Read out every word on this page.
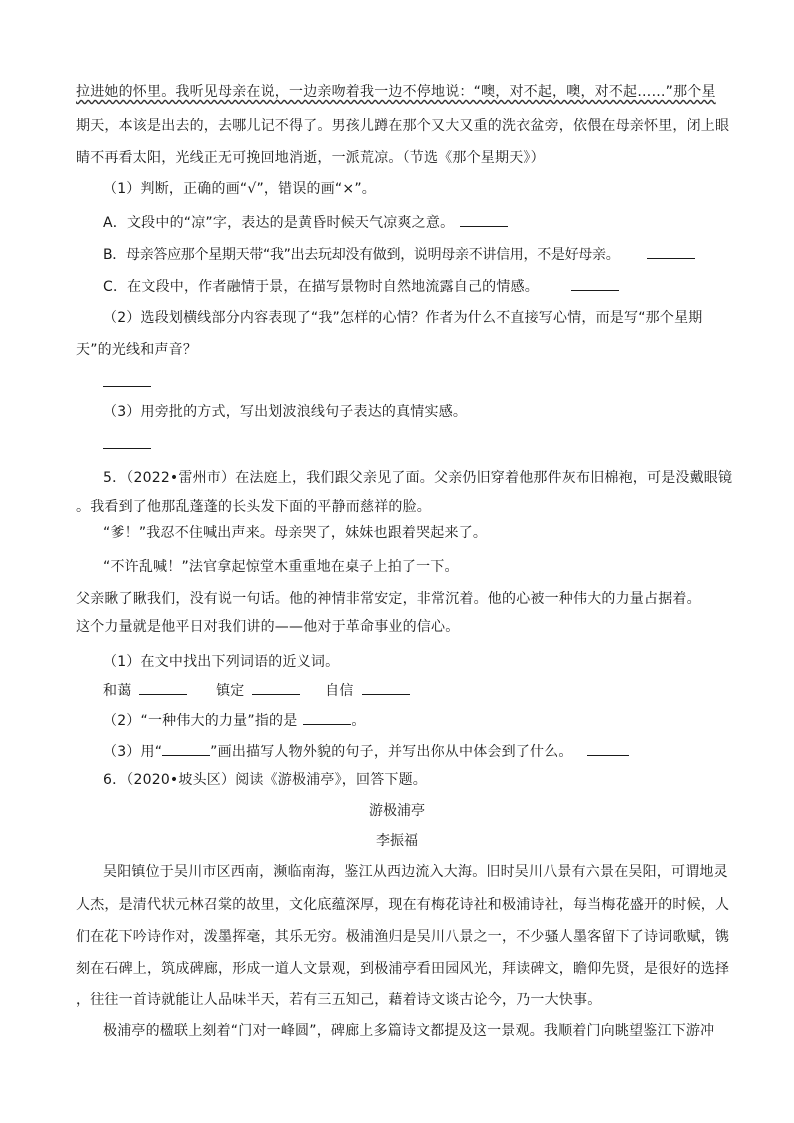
拉进她的怀里。我听见母亲在说，一边亲吻着我一边不停地说：“噢，对不起，噢，对不起……”那个星
期天，本该是出去的，去哪儿记不得了。男孩儿蹲在那个又大又重的洗衣盆旁，依偎在母亲怀里，闭上眼
睛不再看太阳，光线正无可挽回地消逝，一派荒凉。（节选《那个星期天》）
（1）判断，正确的画“√”，错误的画“×”。
A．文段中的“凉”字，表达的是黄昏时候天气凉爽之意。
B．母亲答应那个星期天带“我”出去玩却没有做到，说明母亲不讲信用，不是好母亲。
C．在文段中，作者融情于景，在描写景物时自然地流露自己的情感。
（2）选段划横线部分内容表现了“我”怎样的心情？作者为什么不直接写心情，而是写“那个星期
天”的光线和声音？
（3）用旁批的方式，写出划波浪线句子表达的真情实感。
5．（2022•雷州市）在法庭上，我们跟父亲见了面。父亲仍旧穿着他那件灰布旧棉袍，可是没戴眼镜
。我看到了他那乱蓬蓬的长头发下面的平静而慈祥的脸。
“爹！”我忍不住喊出声来。母亲哭了，妹妹也跟着哭起来了。
“不许乱喊！”法官拿起惊堂木重重地在桌子上拍了一下。
父亲瞅了瞅我们，没有说一句话。他的神情非常安定，非常沉着。他的心被一种伟大的力量占据着。
这个力量就是他平日对我们讲的——他对于革命事业的信心。
（1）在文中找出下列词语的近义词。
和蔼	镇定	自信
（2）“一种伟大的力量”指的是	。
（3）用“	”画出描写人物外貌的句子，并写出你从中体会到了什么。
6．（2020•坡头区）阅读《游极浦亭》，回答下题。
游极浦亭
李振福
吴阳镇位于吴川市区西南，濒临南海，鉴江从西边流入大海。旧时吴川八景有六景在吴阳，可谓地灵
人杰，是清代状元林召棠的故里，文化底蕴深厚，现在有梅花诗社和极浦诗社，每当梅花盛开的时候，人
们在花下吟诗作对，泼墨挥毫，其乐无穷。极浦渔归是吴川八景之一，不少骚人墨客留下了诗词歌赋，镌
刻在石碑上，筑成碑廊，形成一道人文景观，到极浦亭看田园风光，拜读碑文，瞻仰先贤，是很好的选择
，往往一首诗就能让人品味半天，若有三五知己，藉着诗文谈古论今，乃一大快事。
极浦亭的楹联上刻着“门对一峰圆”，碑廊上多篇诗文都提及这一景观。我顺着门向眺望鉴江下游冲
